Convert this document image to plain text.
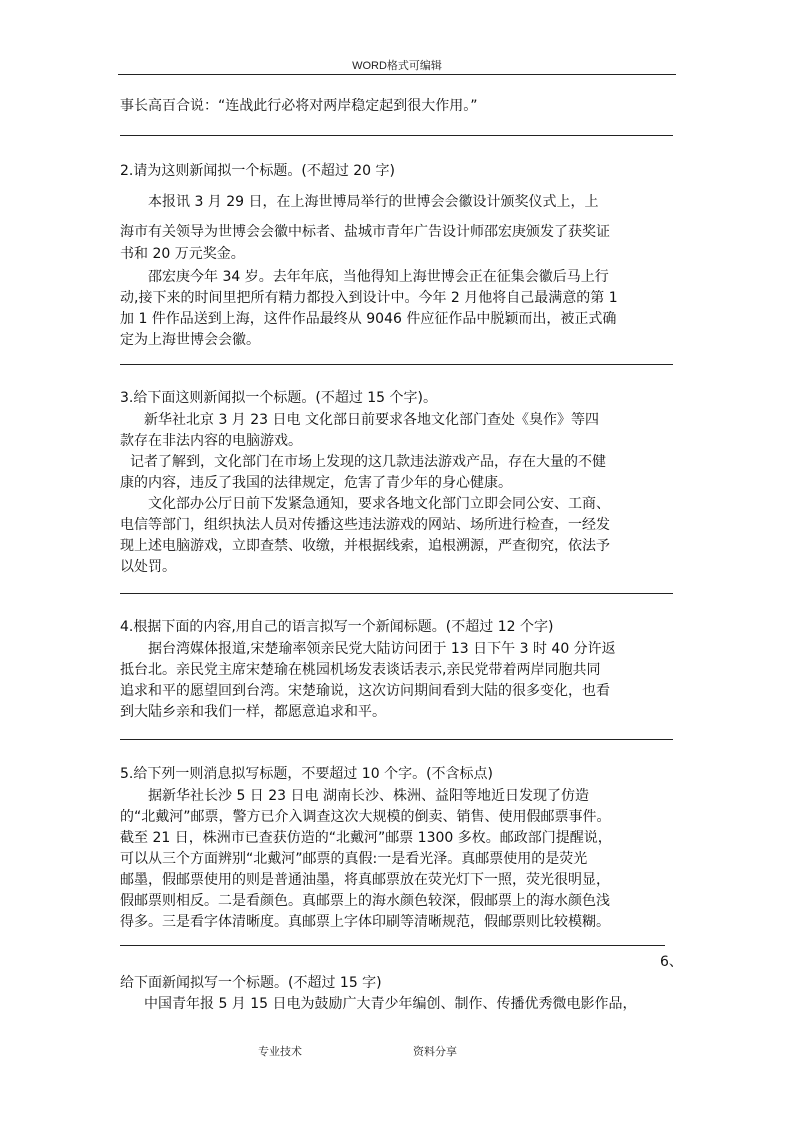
WORD格式可编辑
事长高百合说：“连战此行必将对两岸稳定起到很大作用。”
2.请为这则新闻拟一个标题。(不超过 20 字)
本报讯 3 月 29 日，在上海世博局举行的世博会会徽设计颁奖仪式上，上
海市有关领导为世博会会徽中标者、盐城市青年广告设计师邵宏庚颁发了获奖证
书和 20 万元奖金。
邵宏庚今年 34 岁。去年年底，当他得知上海世博会正在征集会徽后马上行
动,接下来的时间里把所有精力都投入到设计中。今年 2 月他将自己最满意的第 1
加 1 件作品送到上海，这件作品最终从 9046 件应征作品中脱颖而出，被正式确
定为上海世博会会徽。
3.给下面这则新闻拟一个标题。(不超过 15 个字)。
新华社北京 3 月 23 日电 文化部日前要求各地文化部门查处《臭作》等四
款存在非法内容的电脑游戏。
记者了解到，文化部门在市场上发现的这几款违法游戏产品，存在大量的不健
康的内容，违反了我国的法律规定，危害了青少年的身心健康。
文化部办公厅日前下发紧急通知，要求各地文化部门立即会同公安、工商、
电信等部门，组织执法人员对传播这些违法游戏的网站、场所进行检查，一经发
现上述电脑游戏，立即查禁、收缴，并根据线索，追根溯源，严查彻究，依法予
以处罚。
4.根据下面的内容,用自己的语言拟写一个新闻标题。(不超过 12 个字)
据台湾媒体报道,宋楚瑜率领亲民党大陆访问团于 13 日下午 3 时 40 分许返
抵台北。亲民党主席宋楚瑜在桃园机场发表谈话表示,亲民党带着两岸同胞共同
追求和平的愿望回到台湾。宋楚瑜说，这次访问期间看到大陆的很多变化，也看
到大陆乡亲和我们一样，都愿意追求和平。
5.给下列一则消息拟写标题，不要超过 10 个字。(不含标点)
据新华社长沙 5 日 23 日电 湖南长沙、株洲、益阳等地近日发现了仿造
的“北戴河”邮票，警方已介入调查这次大规模的倒卖、销售、使用假邮票事件。
截至 21 日，株洲市已查获仿造的“北戴河”邮票 1300 多枚。邮政部门提醒说，
可以从三个方面辨别“北戴河”邮票的真假:一是看光泽。真邮票使用的是荧光
邮墨，假邮票使用的则是普通油墨，将真邮票放在荧光灯下一照，荧光很明显，
假邮票则相反。二是看颜色。真邮票上的海水颜色较深，假邮票上的海水颜色浅
得多。三是看字体清晰度。真邮票上字体印刷等清晰规范，假邮票则比较模糊。
6、
给下面新闻拟写一个标题。(不超过 15 字)
中国青年报 5 月 15 日电为鼓励广大青少年编创、制作、传播优秀微电影作品，
专业技术	资料分享
